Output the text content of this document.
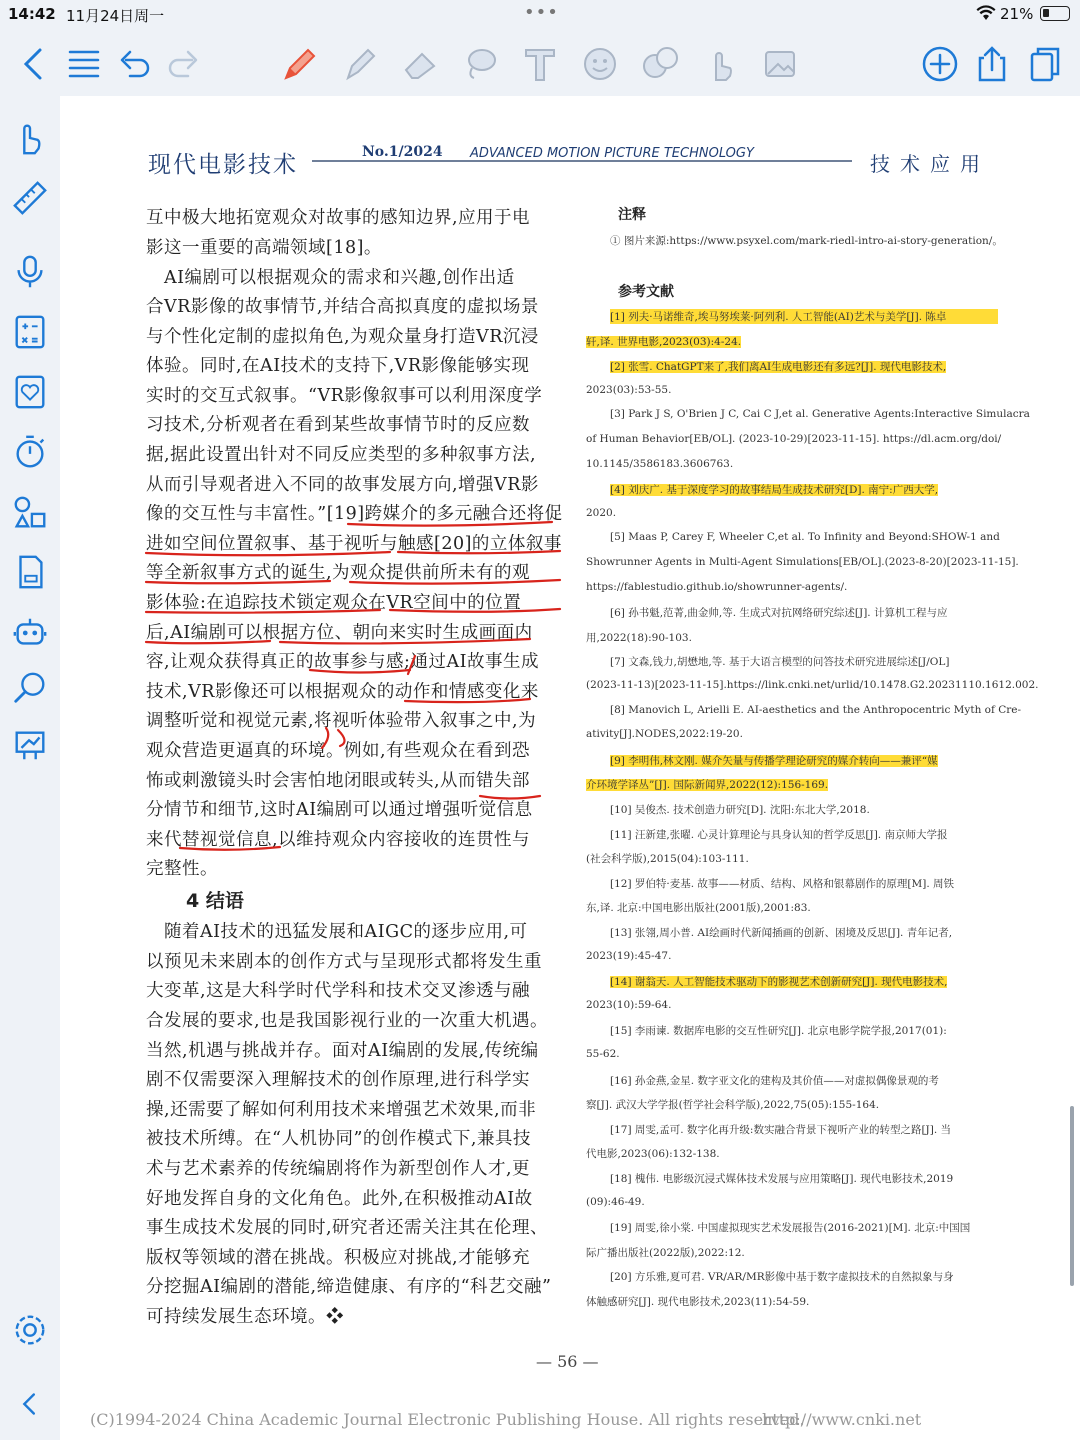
14:42 11月24日周一	•••	21%
现代电影技术	No.1/2024 ADVANCED MOTION PICTURE TECHNOLOGY	技术应用

互中极大地拓宽观众对故事的感知边界,应用于电

影这一重要的高端领域[18]。

　AI编剧可以根据观众的需求和兴趣,创作出适

合VR影像的故事情节,并结合高拟真度的虚拟场景

与个性化定制的虚拟角色,为观众量身打造VR沉浸

体验。同时,在AI技术的支持下,VR影像能够实现

实时的交互式叙事。“VR影像叙事可以利用深度学

习技术,分析观者在看到某些故事情节时的反应数

据,据此设置出针对不同反应类型的多种叙事方法,

从而引导观者进入不同的故事发展方向,增强VR影

像的交互性与丰富性。”[19]跨媒介的多元融合还将促

进如空间位置叙事、基于视听与触感[20]的立体叙事

等全新叙事方式的诞生,为观众提供前所未有的观

影体验:在追踪技术锁定观众在VR空间中的位置

后,AI编剧可以根据方位、朝向来实时生成画面内

容,让观众获得真正的故事参与感;通过AI故事生成

技术,VR影像还可以根据观众的动作和情感变化来

调整听觉和视觉元素,将视听体验带入叙事之中,为

观众营造更逼真的环境。例如,有些观众在看到恐

怖或刺激镜头时会害怕地闭眼或转头,从而错失部

分情节和细节,这时AI编剧可以通过增强听觉信息

来代替视觉信息,以维持观众内容接收的连贯性与

完整性。

4 结语

　随着AI技术的迅猛发展和AIGC的逐步应用,可

以预见未来剧本的创作方式与呈现形式都将发生重

大变革,这是大科学时代学科和技术交叉渗透与融

合发展的要求,也是我国影视行业的一次重大机遇。

当然,机遇与挑战并存。面对AI编剧的发展,传统编

剧不仅需要深入理解技术的创作原理,进行科学实

操,还需要了解如何利用技术来增强艺术效果,而非

被技术所缚。在“人机协同”的创作模式下,兼具技

术与艺术素养的传统编剧将作为新型创作人才,更

好地发挥自身的文化角色。此外,在积极推动AI故

事生成技术发展的同时,研究者还需关注其在伦理、

版权等领域的潜在挑战。积极应对挑战,才能够充

分挖掘AI编剧的潜能,缔造健康、有序的“科艺交融”

可持续发展生态环境。❖

注释
① 图片来源:https://www.psyxel.com/mark-riedl-intro-ai-story-generation/。
参考文献
[1] 列夫·马诺维奇,埃马努埃莱·阿列利. 人工智能(AI)艺术与美学[J]. 陈卓
轩,译. 世界电影,2023(03):4-24.
[2] 张雪. ChatGPT来了,我们离AI生成电影还有多远?[J]. 现代电影技术,
2023(03):53-55.
[3] Park J S, O'Brien J C, Cai C J,et al. Generative Agents:Interactive Simulacra
of Human Behavior[EB/OL]. (2023-10-29)[2023-11-15]. https://dl.acm.org/doi/
10.1145/3586183.3606763.
[4] 刘庆广. 基于深度学习的故事结局生成技术研究[D]. 南宁:广西大学,
2020.
[5] Maas P, Carey F, Wheeler C,et al. To Infinity and Beyond:SHOW-1 and
Showrunner Agents in Multi-Agent Simulations[EB/OL].(2023-8-20)[2023-11-15].
https://fablestudio.github.io/showrunner-agents/.
[6] 孙书魁,范菁,曲金帅,等. 生成式对抗网络研究综述[J]. 计算机工程与应
用,2022(18):90-103.
[7] 文森,钱力,胡懋地,等. 基于大语言模型的问答技术研究进展综述[J/OL]
(2023-11-13)[2023-11-15].https://link.cnki.net/urlid/10.1478.G2.20231110.1612.002.
[8] Manovich L, Arielli E. AI-aesthetics and the Anthropocentric Myth of Cre-
ativity[J].NODES,2022:19-20.
[9] 李明伟,林文刚. 媒介矢量与传播学理论研究的媒介转向——兼评“媒
介环境学译丛”[J]. 国际新闻界,2022(12):156-169.
[10] 吴俊杰. 技术创造力研究[D]. 沈阳:东北大学,2018.
[11] 汪新建,张曜. 心灵计算理论与具身认知的哲学反思[J]. 南京师大学报
(社会科学版),2015(04):103-111.
[12] 罗伯特·麦基. 故事——材质、结构、风格和银幕剧作的原理[M]. 周铁
东,译. 北京:中国电影出版社(2001版),2001:83.
[13] 张翎,周小普. AI绘画时代新闻插画的创新、困境及反思[J]. 青年记者,
2023(19):45-47.
[14] 谢翁天. 人工智能技术驱动下的影视艺术创新研究[J]. 现代电影技术,
2023(10):59-64.
[15] 李雨谏. 数据库电影的交互性研究[J]. 北京电影学院学报,2017(01):
55-62.
[16] 孙金燕,金星. 数字亚文化的建构及其价值——对虚拟偶像景观的考
察[J]. 武汉大学学报(哲学社会科学版),2022,75(05):155-164.
[17] 周雯,孟可. 数字化再升级:数实融合背景下视听产业的转型之路[J]. 当
代电影,2023(06):132-138.
[18] 槐伟. 电影级沉浸式媒体技术发展与应用策略[J]. 现代电影技术,2019
(09):46-49.
[19] 周雯,徐小棠. 中国虚拟现实艺术发展报告(2016-2021)[M]. 北京:中国国
际广播出版社(2022版),2022:12.
[20] 方乐雅,夏可君. VR/AR/MR影像中基于数字虚拟技术的自然拟象与身
体触感研究[J]. 现代电影技术,2023(11):54-59.
— 56 —
(C)1994-2024 China Academic Journal Electronic Publishing House. All rights reserved.
http://www.cnki.net
